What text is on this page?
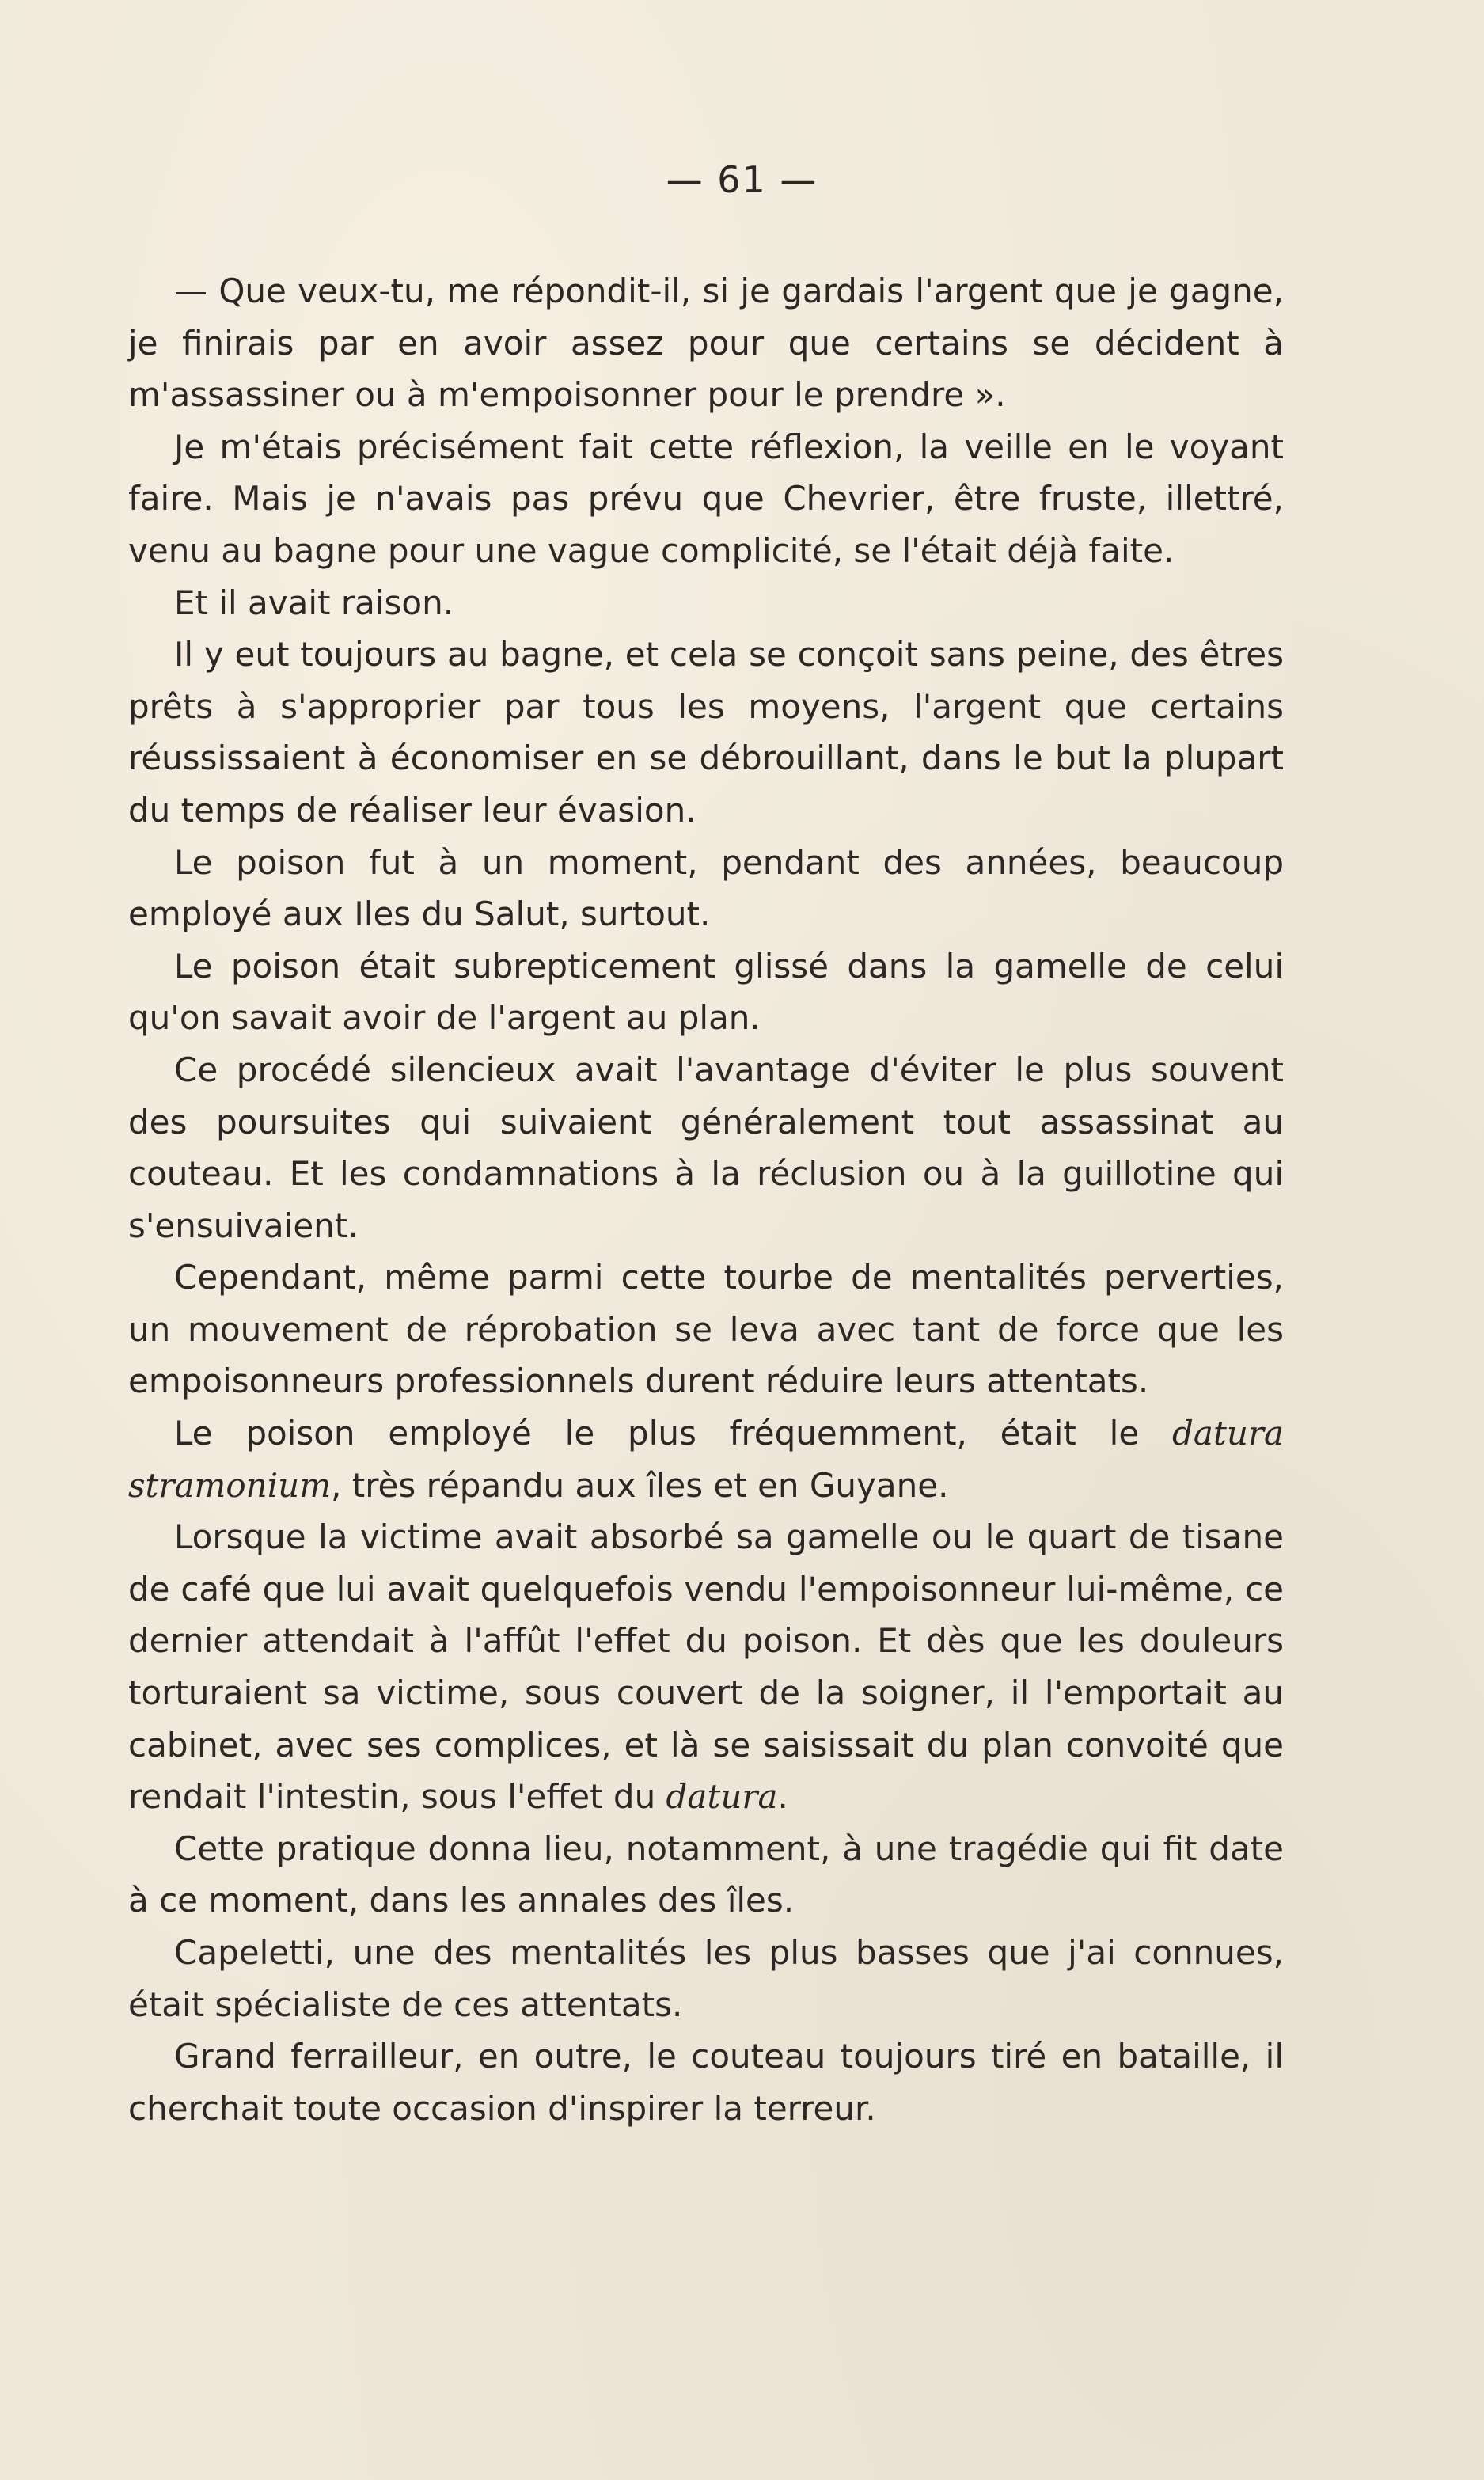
— 61 —

— Que veux-tu, me répondit-il, si je gardais l'argent que je gagne, je finirais par en avoir assez pour que certains se décident à m'assassiner ou à m'empoisonner pour le prendre ».

Je m'étais précisément fait cette réflexion, la veille en le voyant faire. Mais je n'avais pas prévu que Chevrier, être fruste, illettré, venu au bagne pour une vague complicité, se l'était déjà faite.

Et il avait raison.

Il y eut toujours au bagne, et cela se conçoit sans peine, des êtres prêts à s'approprier par tous les moyens, l'argent que certains réussissaient à économiser en se débrouillant, dans le but la plupart du temps de réaliser leur évasion.

Le poison fut à un moment, pendant des années, beaucoup employé aux Iles du Salut, surtout.

Le poison était subrepticement glissé dans la gamelle de celui qu'on savait avoir de l'argent au plan.

Ce procédé silencieux avait l'avantage d'éviter le plus souvent des poursuites qui suivaient généralement tout assassinat au couteau. Et les condamnations à la réclusion ou à la guillotine qui s'ensuivaient.

Cependant, même parmi cette tourbe de mentalités perverties, un mouvement de réprobation se leva avec tant de force que les empoisonneurs professionnels durent réduire leurs attentats.

Le poison employé le plus fréquemment, était le datura stramonium, très répandu aux îles et en Guyane.

Lorsque la victime avait absorbé sa gamelle ou le quart de tisane de café que lui avait quelquefois vendu l'empoisonneur lui-même, ce dernier attendait à l'affût l'effet du poison. Et dès que les douleurs torturaient sa victime, sous couvert de la soigner, il l'emportait au cabinet, avec ses complices, et là se saisissait du plan convoité que rendait l'intestin, sous l'effet du datura.

Cette pratique donna lieu, notamment, à une tragédie qui fit date à ce moment, dans les annales des îles.

Capeletti, une des mentalités les plus basses que j'ai connues, était spécialiste de ces attentats.

Grand ferrailleur, en outre, le couteau toujours tiré en bataille, il cherchait toute occasion d'inspirer la terreur.
